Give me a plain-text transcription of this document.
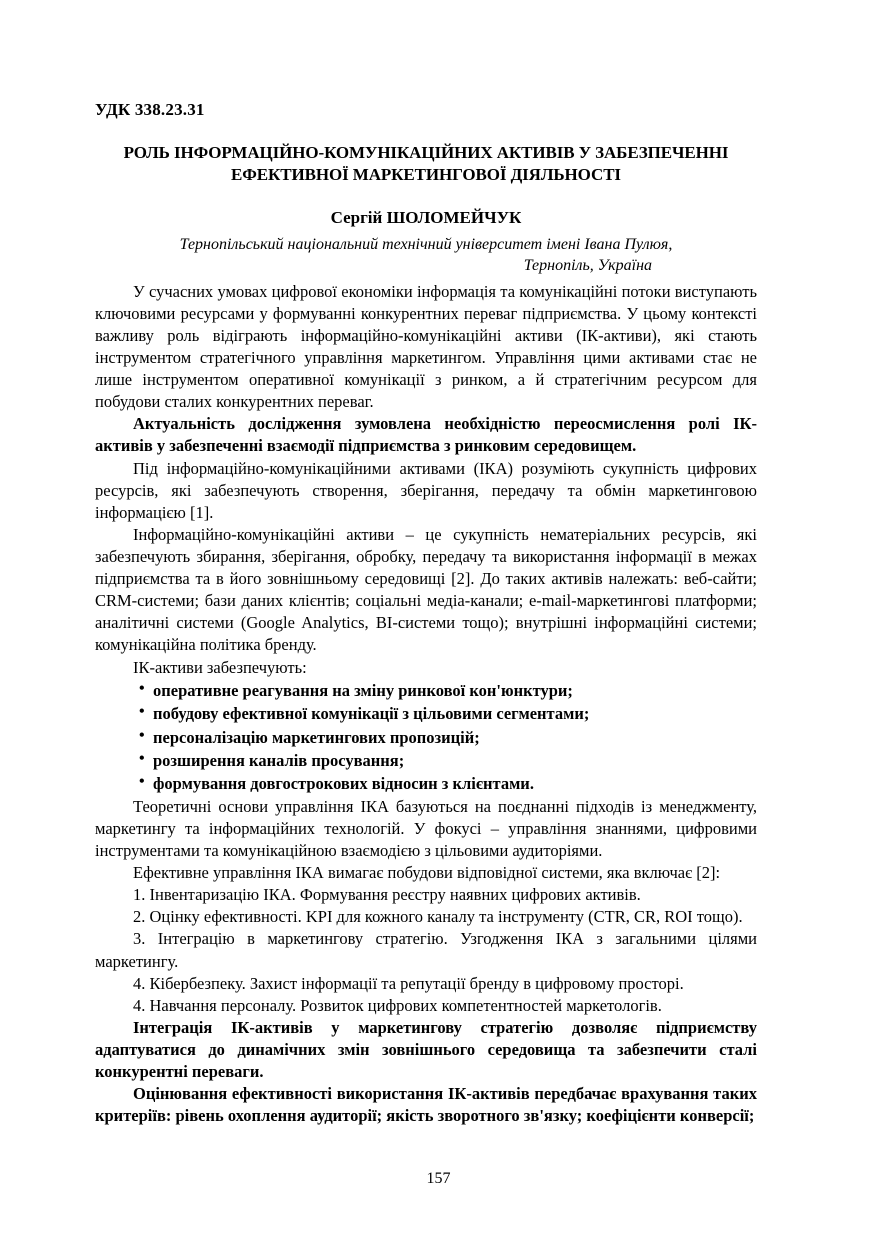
УДК 338.23.31
РОЛЬ ІНФОРМАЦІЙНО-КОМУНІКАЦІЙНИХ АКТИВІВ У ЗАБЕЗПЕЧЕННІ ЕФЕКТИВНОЇ МАРКЕТИНГОВОЇ ДІЯЛЬНОСТІ
Сергій ШОЛОМЕЙЧУК
Тернопільський національний технічний університет імені Івана Пулюя,
Тернопіль, Україна

У сучасних умовах цифрової економіки інформація та комунікаційні потоки виступають ключовими ресурсами у формуванні конкурентних переваг підприємства. У цьому контексті важливу роль відіграють інформаційно-комунікаційні активи (ІК-активи), які стають інструментом стратегічного управління маркетингом. Управління цими активами стає не лише інструментом оперативної комунікації з ринком, а й стратегічним ресурсом для побудови сталих конкурентних переваг.

Актуальність дослідження зумовлена необхідністю переосмислення ролі ІК-активів у забезпеченні взаємодії підприємства з ринковим середовищем.

Під інформаційно-комунікаційними активами (ІКА) розуміють сукупність цифрових ресурсів, які забезпечують створення, зберігання, передачу та обмін маркетинговою інформацією [1].

Інформаційно-комунікаційні активи – це сукупність нематеріальних ресурсів, які забезпечують збирання, зберігання, обробку, передачу та використання інформації в межах підприємства та в його зовнішньому середовищі [2]. До таких активів належать: веб-сайти; CRM-системи; бази даних клієнтів; соціальні медіа-канали; e-mail-маркетингові платформи; аналітичні системи (Google Analytics, BI-системи тощо); внутрішні інформаційні системи; комунікаційна політика бренду.

ІК-активи забезпечують:

• оперативне реагування на зміну ринкової кон'юнктури;
• побудову ефективної комунікації з цільовими сегментами;
• персоналізацію маркетингових пропозицій;
• розширення каналів просування;
• формування довгострокових відносин з клієнтами.

Теоретичні основи управління ІКА базуються на поєднанні підходів із менеджменту, маркетингу та інформаційних технологій. У фокусі – управління знаннями, цифровими інструментами та комунікаційною взаємодією з цільовими аудиторіями.

Ефективне управління ІКА вимагає побудови відповідної системи, яка включає [2]:

1. Інвентаризацію ІКА. Формування реєстру наявних цифрових активів.

2. Оцінку ефективності. KPI для кожного каналу та інструменту (CTR, CR, ROI тощо).

3. Інтеграцію в маркетингову стратегію. Узгодження ІКА з загальними цілями маркетингу.

4. Кібербезпеку. Захист інформації та репутації бренду в цифровому просторі.

4. Навчання персоналу. Розвиток цифрових компетентностей маркетологів.

Інтеграція ІК-активів у маркетингову стратегію дозволяє підприємству адаптуватися до динамічних змін зовнішнього середовища та забезпечити сталі конкурентні переваги.

Оцінювання ефективності використання ІК-активів передбачає врахування таких критеріїв: рівень охоплення аудиторії; якість зворотного зв'язку; коефіцієнти конверсії;

157
